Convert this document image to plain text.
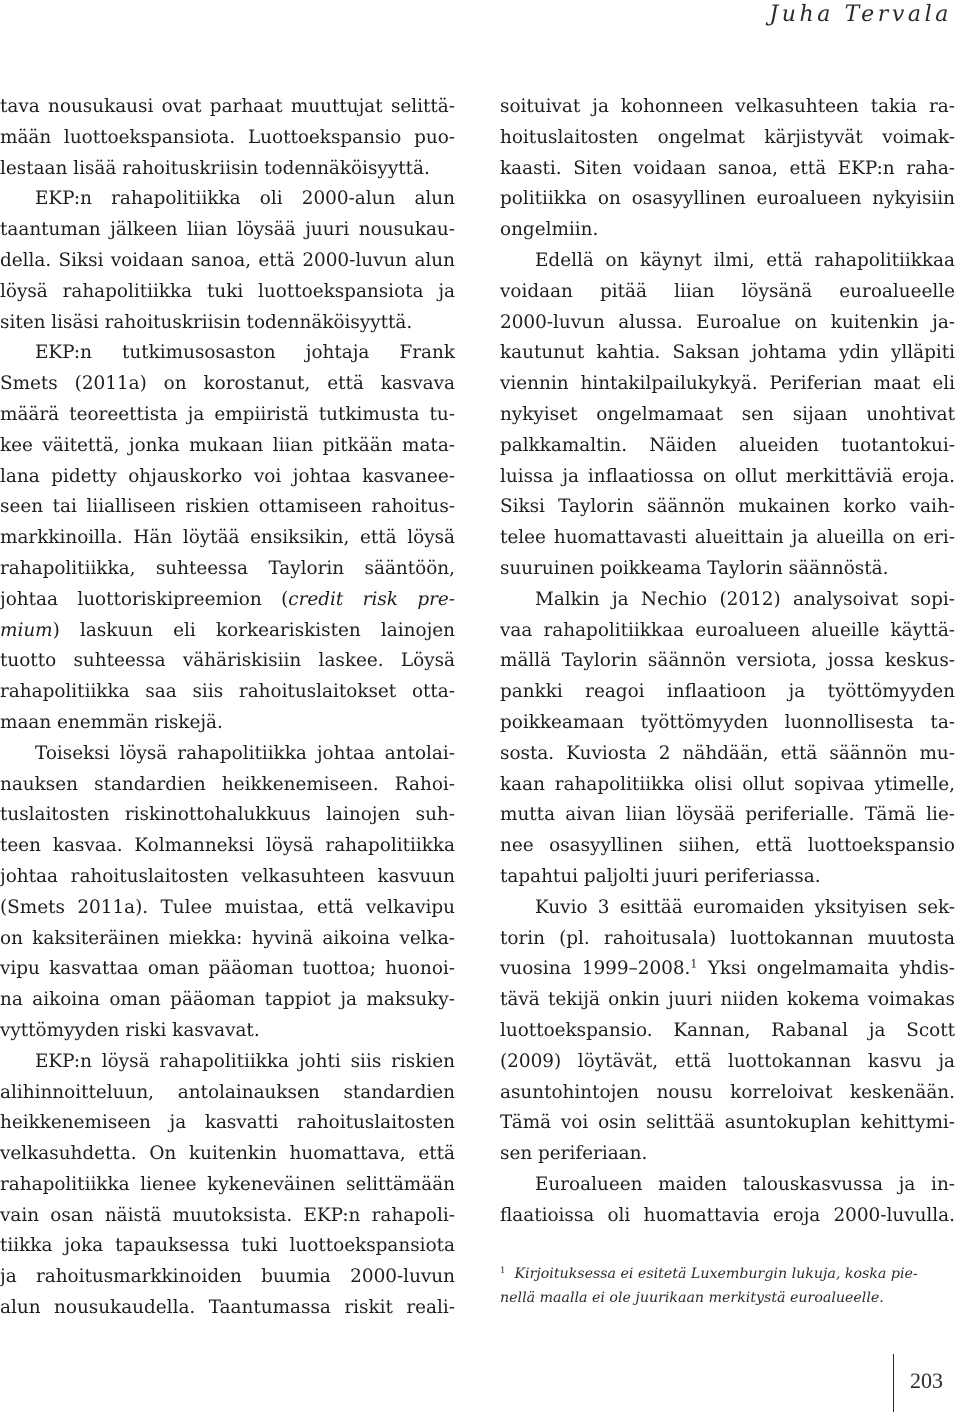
Juha Tervala
tava nousukausi ovat parhaat muuttujat selittä-
mään luottoekspansiota. Luottoekspansio puo-
lestaan lisää rahoituskriisin todennäköisyyttä.
EKP:n rahapolitiikka oli 2000-alun alun
taantuman jälkeen liian löysää juuri nousukau-
della. Siksi voidaan sanoa, että 2000-luvun alun
löysä rahapolitiikka tuki luottoekspansiota ja
siten lisäsi rahoituskriisin todennäköisyyttä.
EKP:n tutkimusosaston johtaja Frank
Smets (2011a) on korostanut, että kasvava
määrä teoreettista ja empiiristä tutkimusta tu-
kee väitettä, jonka mukaan liian pitkään mata-
lana pidetty ohjauskorko voi johtaa kasvanee-
seen tai liialliseen riskien ottamiseen rahoitus-
markkinoilla. Hän löytää ensiksikin, että löysä
rahapolitiikka, suhteessa Taylorin sääntöön,
johtaa luottoriskipreemion (credit risk pre-
mium) laskuun eli korkeariskisten lainojen
tuotto suhteessa vähäriskisiin laskee. Löysä
rahapolitiikka saa siis rahoituslaitokset otta-
maan enemmän riskejä.
Toiseksi löysä rahapolitiikka johtaa antolai-
nauksen standardien heikkenemiseen. Rahoi-
tuslaitosten riskinottohalukkuus lainojen suh-
teen kasvaa. Kolmanneksi löysä rahapolitiikka
johtaa rahoituslaitosten velkasuhteen kasvuun
(Smets 2011a). Tulee muistaa, että velkavipu
on kaksiteräinen miekka: hyvinä aikoina velka-
vipu kasvattaa oman pääoman tuottoa; huonoi-
na aikoina oman pääoman tappiot ja maksuky-
vyttömyyden riski kasvavat.
EKP:n löysä rahapolitiikka johti siis riskien
alihinnoitteluun, antolainauksen standardien
heikkenemiseen ja kasvatti rahoituslaitosten
velkasuhdetta. On kuitenkin huomattava, että
rahapolitiikka lienee kykeneväinen selittämään
vain osan näistä muutoksista. EKP:n rahapoli-
tiikka joka tapauksessa tuki luottoekspansiota
ja rahoitusmarkkinoiden buumia 2000-luvun
alun nousukaudella. Taantumassa riskit reali-
soituivat ja kohonneen velkasuhteen takia ra-
hoituslaitosten ongelmat kärjistyvät voimak-
kaasti. Siten voidaan sanoa, että EKP:n raha-
politiikka on osasyyllinen euroalueen nykyisiin
ongelmiin.
Edellä on käynyt ilmi, että rahapolitiikkaa
voidaan pitää liian löysänä euroalueelle
2000-luvun alussa. Euroalue on kuitenkin ja-
kautunut kahtia. Saksan johtama ydin ylläpiti
viennin hintakilpailukykyä. Periferian maat eli
nykyiset ongelmamaat sen sijaan unohtivat
palkkamaltin. Näiden alueiden tuotantokui-
luissa ja inflaatiossa on ollut merkittäviä eroja.
Siksi Taylorin säännön mukainen korko vaih-
telee huomattavasti alueittain ja alueilla on eri-
suuruinen poikkeama Taylorin säännöstä.
Malkin ja Nechio (2012) analysoivat sopi-
vaa rahapolitiikkaa euroalueen alueille käyttä-
mällä Taylorin säännön versiota, jossa keskus-
pankki reagoi inflaatioon ja työttömyyden
poikkeamaan työttömyyden luonnollisesta ta-
sosta. Kuviosta 2 nähdään, että säännön mu-
kaan rahapolitiikka olisi ollut sopivaa ytimelle,
mutta aivan liian löysää periferialle. Tämä lie-
nee osasyyllinen siihen, että luottoekspansio
tapahtui paljolti juuri periferiassa.
Kuvio 3 esittää euromaiden yksityisen sek-
torin (pl. rahoitusala) luottokannan muutosta
vuosina 1999–2008.$^1$ Yksi ongelmamaita yhdis-
tävä tekijä onkin juuri niiden kokema voimakas
luottoekspansio. Kannan, Rabanal ja Scott
(2009) löytävät, että luottokannan kasvu ja
asuntohintojen nousu korreloivat keskenään.
Tämä voi osin selittää asuntokuplan kehittymi-
sen periferiaan.
Euroalueen maiden talouskasvussa ja in-
flaatioissa oli huomattavia eroja 2000-luvulla.
$^1$ Kirjoituksessa ei esitetä Luxemburgin lukuja, koska pie-
nellä maalla ei ole juurikaan merkitystä euroalueelle.
203
